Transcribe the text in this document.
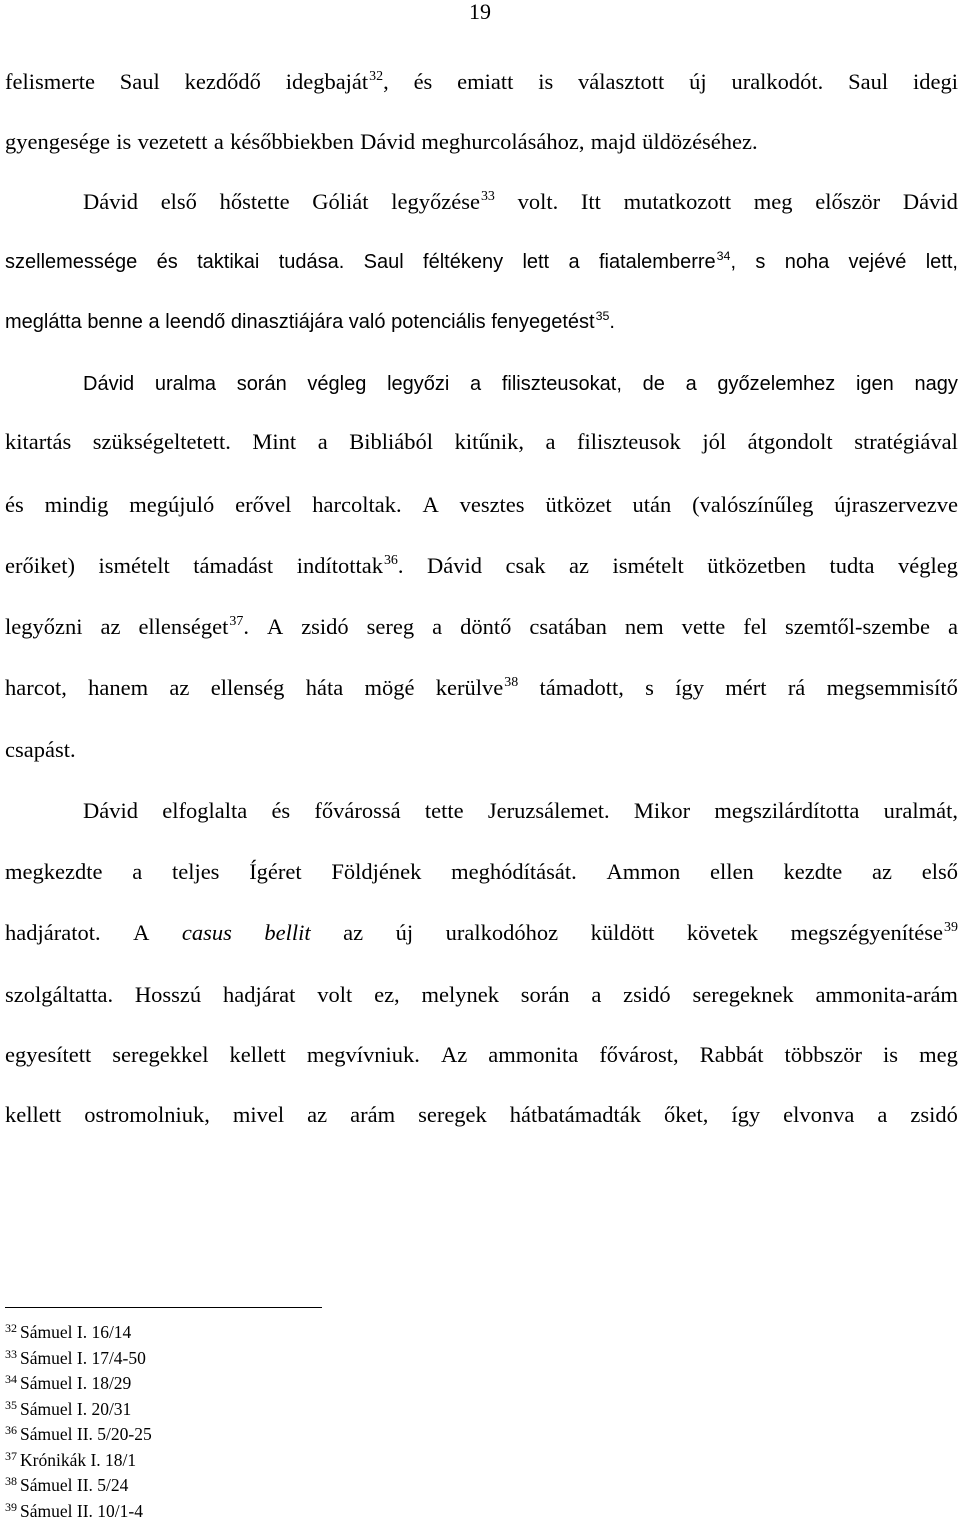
19
felismerte Saul kezdődő idegbaját$^{32}$, és emiatt is választott új uralkodót. Saul idegi
gyengesége is vezetett a későbbiekben Dávid meghurcolásához, majd üldözéséhez.
Dávid első hőstette Góliát legyőzése$^{33}$ volt. Itt mutatkozott meg először Dávid
szellemessége és taktikai tudása. Saul féltékeny lett a fiatalemberre$^{34}$, s noha vejévé lett,
meglátta benne a leendő dinasztiájára való potenciális fenyegetést$^{35}$.
Dávid uralma során végleg legyőzi a filiszteusokat, de a győzelemhez igen nagy
kitartás szükségeltetett. Mint a Bibliából kitűnik, a filiszteusok jól átgondolt stratégiával
és mindig megújuló erővel harcoltak. A vesztes ütközet után (valószínűleg újraszervezve
erőiket) ismételt támadást indítottak$^{36}$. Dávid csak az ismételt ütközetben tudta végleg
legyőzni az ellenséget$^{37}$. A zsidó sereg a döntő csatában nem vette fel szemtől-szembe a
harcot, hanem az ellenség háta mögé kerülve$^{38}$ támadott, s így mért rá megsemmisítő
csapást.
Dávid elfoglalta és fővárossá tette Jeruzsálemet. Mikor megszilárdította uralmát,
megkezdte a teljes Ígéret Földjének meghódítását. Ammon ellen kezdte az első
hadjáratot. A casus bellit az új uralkodóhoz küldött követek megszégyenítése$^{39}$
szolgáltatta. Hosszú hadjárat volt ez, melynek során a zsidó seregeknek ammonita-arám
egyesített seregekkel kellett megvívniuk. Az ammonita fővárost, Rabbát többször is meg
kellett ostromolniuk, mivel az arám seregek hátbatámadták őket, így elvonva a zsidó
$^{32}$ Sámuel I. 16/14
$^{33}$ Sámuel I. 17/4-50
$^{34}$ Sámuel I. 18/29
$^{35}$ Sámuel I. 20/31
$^{36}$ Sámuel II. 5/20-25
$^{37}$ Krónikák I. 18/1
$^{38}$ Sámuel II. 5/24
$^{39}$ Sámuel II. 10/1-4
